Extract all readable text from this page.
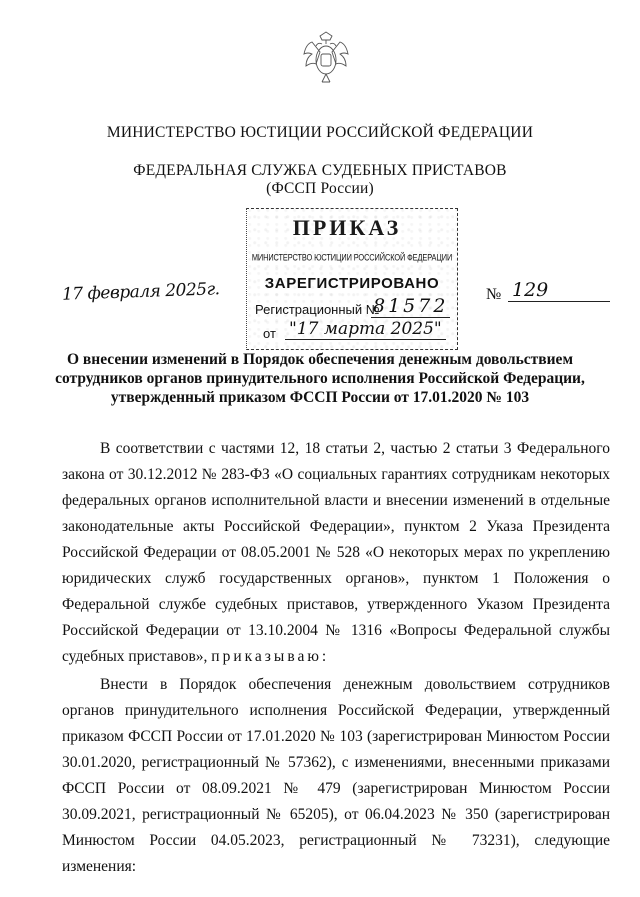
МИНИСТЕРСТВО ЮСТИЦИИ РОССИЙСКОЙ ФЕДЕРАЦИИ
ФЕДЕРАЛЬНАЯ СЛУЖБА СУДЕБНЫХ ПРИСТАВОВ
(ФССП России)
ПРИКАЗ
МИНИСТЕРСТВО ЮСТИЦИИ РОССИЙСКОЙ ФЕДЕРАЦИИ
ЗАРЕГИСТРИРОВАНО
Регистрационный №
81572
от "17 марта 2025"
17 февраля 2025г.	№ 129
О внесении изменений в Порядок обеспечения денежным довольствием
сотрудников органов принудительного исполнения Российской Федерации,
утвержденный приказом ФССП России от 17.01.2020 № 103

В соответствии с частями 12, 18 статьи 2, частью 2 статьи 3 Федерального закона от 30.12.2012 № 283-ФЗ «О социальных гарантиях сотрудникам некоторых федеральных органов исполнительной власти и внесении изменений в отдельные законодательные акты Российской Федерации», пунктом 2 Указа Президента Российской Федерации от 08.05.2001 № 528 «О некоторых мерах по укреплению юридических служб государственных органов», пунктом 1 Положения о Федеральной службе судебных приставов, утвержденного Указом Президента Российской Федерации от 13.10.2004 № 1316 «Вопросы Федеральной службы судебных приставов», приказываю:

Внести в Порядок обеспечения денежным довольствием сотрудников органов принудительного исполнения Российской Федерации, утвержденный приказом ФССП России от 17.01.2020 № 103 (зарегистрирован Минюстом России 30.01.2020, регистрационный № 57362), с изменениями, внесенными приказами ФССП России от 08.09.2021 № 479 (зарегистрирован Минюстом России 30.09.2021, регистрационный № 65205), от 06.04.2023 № 350 (зарегистрирован Минюстом России 04.05.2023, регистрационный № 73231), следующие изменения:
